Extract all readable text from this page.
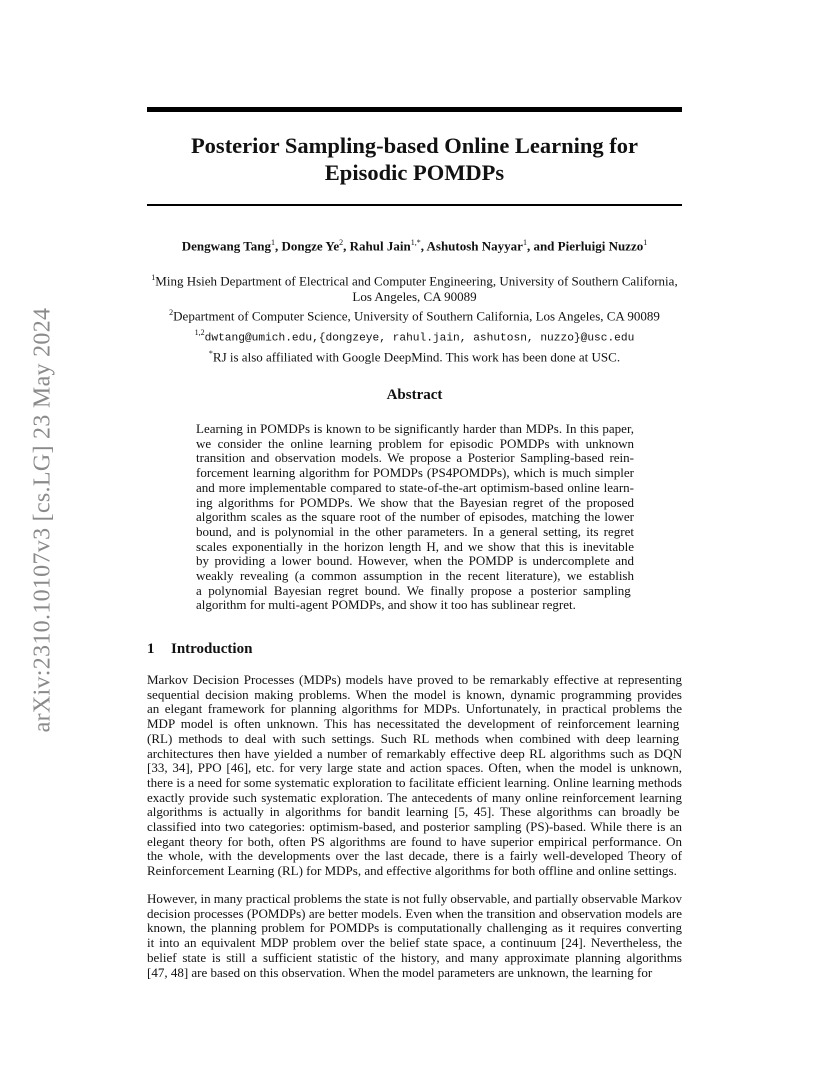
arXiv:2310.10107v3 [cs.LG] 23 May 2024
Posterior Sampling-based Online Learning for
Episodic POMDPs
Dengwang Tang$^1$, Dongze Ye$^2$, Rahul Jain$^{1,*}$, Ashutosh Nayyar$^1$, and Pierluigi Nuzzo$^1$
$^1$Ming Hsieh Department of Electrical and Computer Engineering, University of Southern California,
Los Angeles, CA 90089
$^2$Department of Computer Science, University of Southern California, Los Angeles, CA 90089
$^{1,2}$dwtang@umich.edu,{dongzeye, rahul.jain, ashutosn, nuzzo}@usc.edu
*RJ is also affiliated with Google DeepMind. This work has been done at USC.
Abstract
Learning in POMDPs is known to be significantly harder than MDPs. In this paper,
we consider the online learning problem for episodic POMDPs with unknown
transition and observation models. We propose a Posterior Sampling-based rein-
forcement learning algorithm for POMDPs (PS4POMDPs), which is much simpler
and more implementable compared to state-of-the-art optimism-based online learn-
ing algorithms for POMDPs. We show that the Bayesian regret of the proposed
algorithm scales as the square root of the number of episodes, matching the lower
bound, and is polynomial in the other parameters. In a general setting, its regret
scales exponentially in the horizon length H, and we show that this is inevitable
by providing a lower bound. However, when the POMDP is undercomplete and
weakly revealing (a common assumption in the recent literature), we establish
a polynomial Bayesian regret bound. We finally propose a posterior sampling
algorithm for multi-agent POMDPs, and show it too has sublinear regret.
1 Introduction
Markov Decision Processes (MDPs) models have proved to be remarkably effective at representing
sequential decision making problems. When the model is known, dynamic programming provides
an elegant framework for planning algorithms for MDPs. Unfortunately, in practical problems the
MDP model is often unknown. This has necessitated the development of reinforcement learning
(RL) methods to deal with such settings. Such RL methods when combined with deep learning
architectures then have yielded a number of remarkably effective deep RL algorithms such as DQN
[33, 34], PPO [46], etc. for very large state and action spaces. Often, when the model is unknown,
there is a need for some systematic exploration to facilitate efficient learning. Online learning methods
exactly provide such systematic exploration. The antecedents of many online reinforcement learning
algorithms is actually in algorithms for bandit learning [5, 45]. These algorithms can broadly be
classified into two categories: optimism-based, and posterior sampling (PS)-based. While there is an
elegant theory for both, often PS algorithms are found to have superior empirical performance. On
the whole, with the developments over the last decade, there is a fairly well-developed Theory of
Reinforcement Learning (RL) for MDPs, and effective algorithms for both offline and online settings.
However, in many practical problems the state is not fully observable, and partially observable Markov
decision processes (POMDPs) are better models. Even when the transition and observation models are
known, the planning problem for POMDPs is computationally challenging as it requires converting
it into an equivalent MDP problem over the belief state space, a continuum [24]. Nevertheless, the
belief state is still a sufficient statistic of the history, and many approximate planning algorithms
[47, 48] are based on this observation. When the model parameters are unknown, the learning for
